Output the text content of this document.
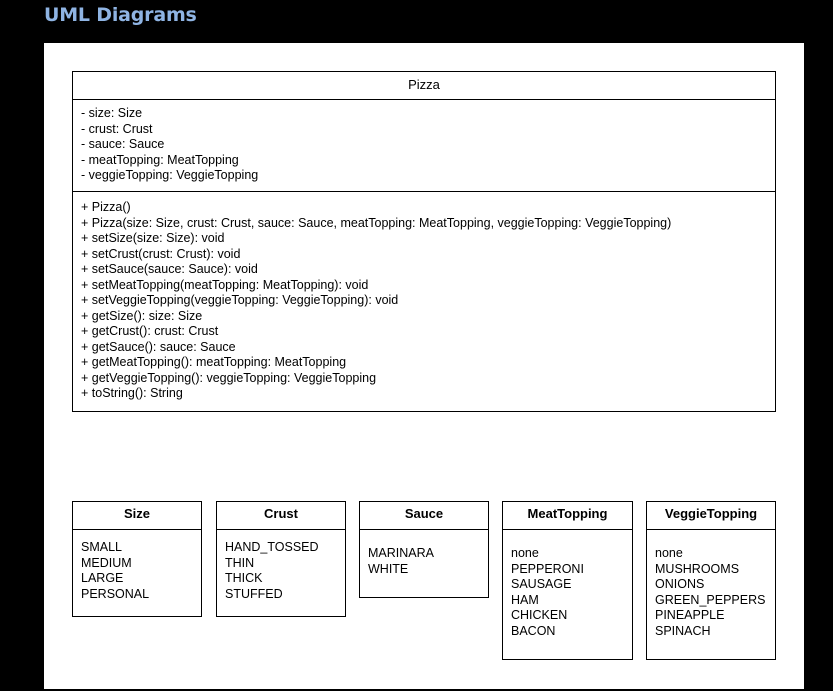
UML Diagrams
Pizza
- size: Size
- crust: Crust
- sauce: Sauce
- meatTopping: MeatTopping
- veggieTopping: VeggieTopping
+ Pizza()
+ Pizza(size: Size, crust: Crust, sauce: Sauce, meatTopping: MeatTopping, veggieTopping: VeggieTopping)
+ setSize(size: Size): void
+ setCrust(crust: Crust): void
+ setSauce(sauce: Sauce): void
+ setMeatTopping(meatTopping: MeatTopping): void
+ setVeggieTopping(veggieTopping: VeggieTopping): void
+ getSize(): size: Size
+ getCrust(): crust: Crust
+ getSauce(): sauce: Sauce
+ getMeatTopping(): meatTopping: MeatTopping
+ getVeggieTopping(): veggieTopping: VeggieTopping
+ toString(): String
Size
SMALL
MEDIUM
LARGE
PERSONAL
Crust
HAND_TOSSED
THIN
THICK
STUFFED
Sauce
MARINARA
WHITE
MeatTopping
none
PEPPERONI
SAUSAGE
HAM
CHICKEN
BACON
VeggieTopping
none
MUSHROOMS
ONIONS
GREEN_PEPPERS
PINEAPPLE
SPINACH
